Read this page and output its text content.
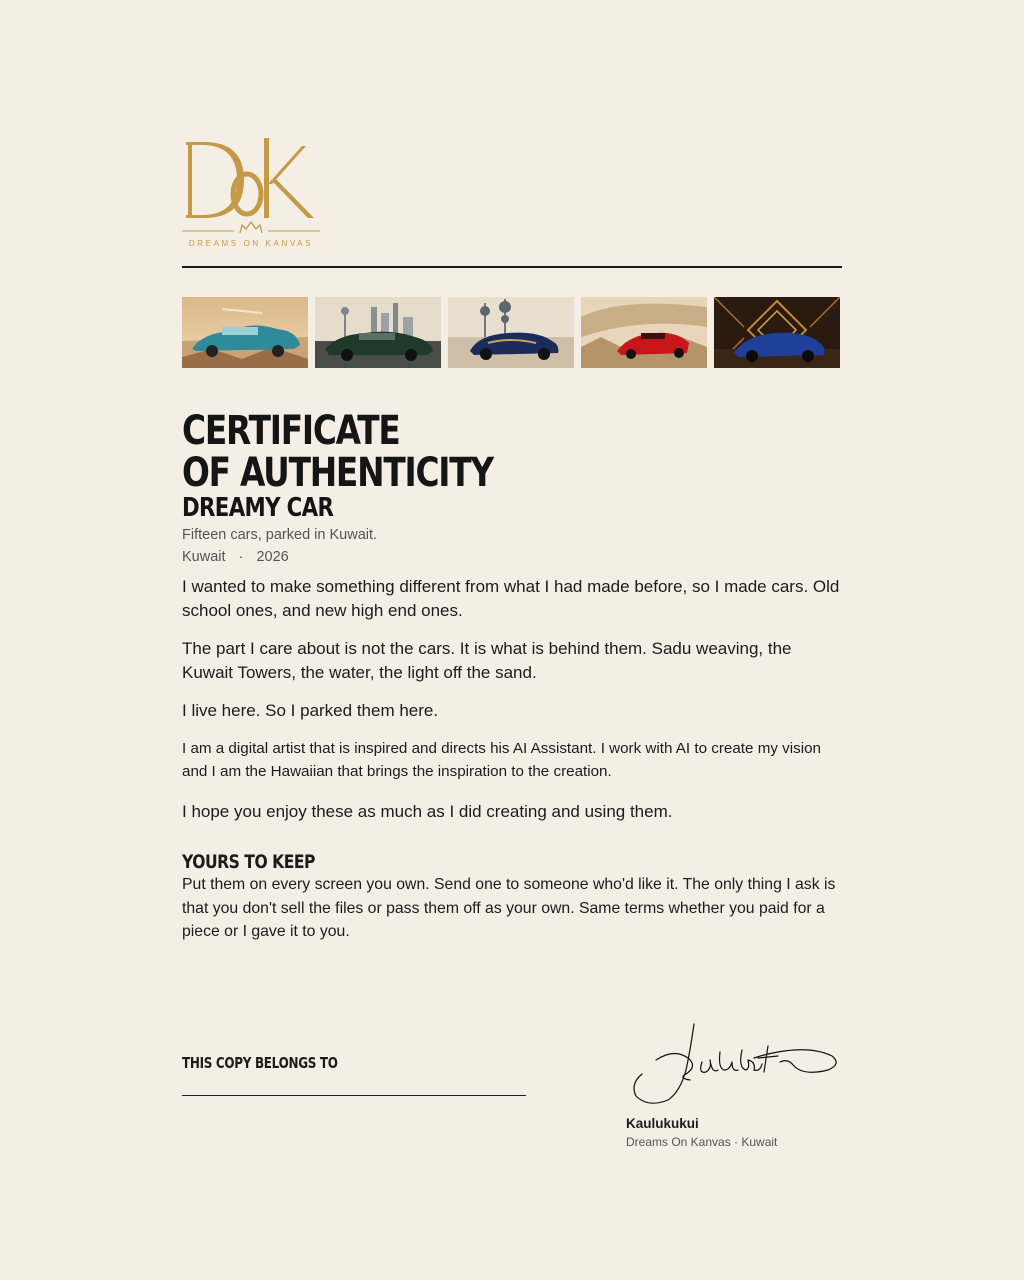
DREAMS ON KANVAS
CERTIFICATE
OF AUTHENTICITY
DREAMY CAR
Fifteen cars, parked in Kuwait.
Kuwait · 2026

I wanted to make something different from what I had made before, so I made cars. Old school ones, and new high end ones.

The part I care about is not the cars. It is what is behind them. Sadu weaving, the Kuwait Towers, the water, the light off the sand.

I live here. So I parked them here.

I am a digital artist that is inspired and directs his AI Assistant. I work with AI to create my vision and I am the Hawaiian that brings the inspiration to the creation.

I hope you enjoy these as much as I did creating and using them.

YOURS TO KEEP

Put them on every screen you own. Send one to someone who'd like it. The only thing I ask is that you don't sell the files or pass them off as your own. Same terms whether you paid for a piece or I gave it to you.

THIS COPY BELONGS TO
Kaulukukui
Dreams On Kanvas · Kuwait
